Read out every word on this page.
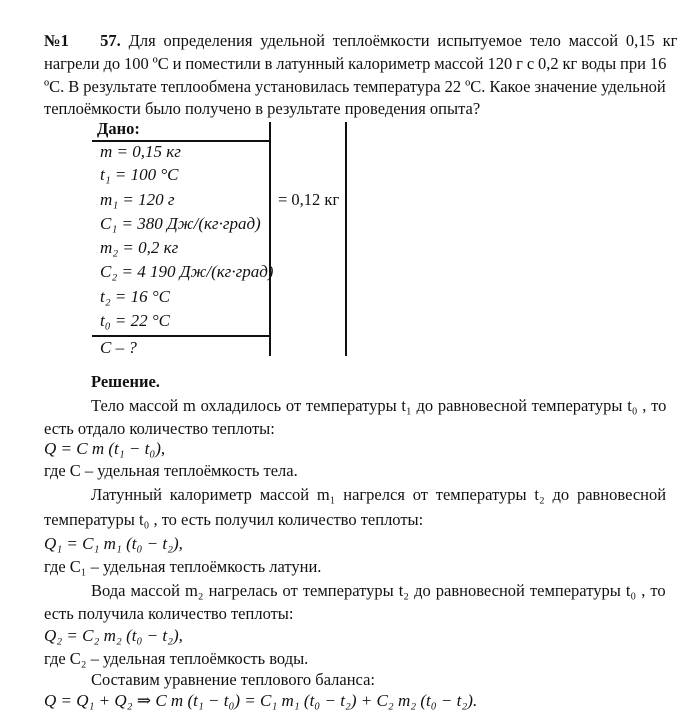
№1 57. Для определения удельной теплоёмкости испытуемое тело массой 0,15 кг
нагрели до 100 ºС и поместили в латунный калориметр массой 120 г с 0,2 кг воды при 16
ºС. В результате теплообмена установилась температура 22 ºС. Какое значение удельной
теплоёмкости было получено в результате проведения опыта?
Дано:
m = 0,15 кг
t₁ = 100 °C
m₁ = 120 г
C₁ = 380 Дж/(кг·град)
m₂ = 0,2 кг
C₂ = 4 190 Дж/(кг·град)
t₂ = 16 °C
t₀ = 22 °C
C – ?
= 0,12 кг
Решение.
Тело массой m охладилось от температуры t₁ до равновесной температуры t₀ , то
есть отдало количество теплоты:
Q = C m (t₁ − t₀),
где C – удельная теплоёмкость тела.
Латунный калориметр массой m₁ нагрелся от температуры t₂ до равновесной
температуры t₀ , то есть получил количество теплоты:
Q₁ = C₁ m₁ (t₀ − t₂),
где C₁ – удельная теплоёмкость латуни.
Вода массой m₂ нагрелась от температуры t₂ до равновесной температуры t₀ , то
есть получила количество теплоты:
Q₂ = C₂ m₂ (t₀ − t₂),
где C₂ – удельная теплоёмкость воды.
Составим уравнение теплового баланса:
Q = Q₁ + Q₂ ⇒ C m (t₁ − t₀) = C₁ m₁ (t₀ − t₂) + C₂ m₂ (t₀ − t₂).
